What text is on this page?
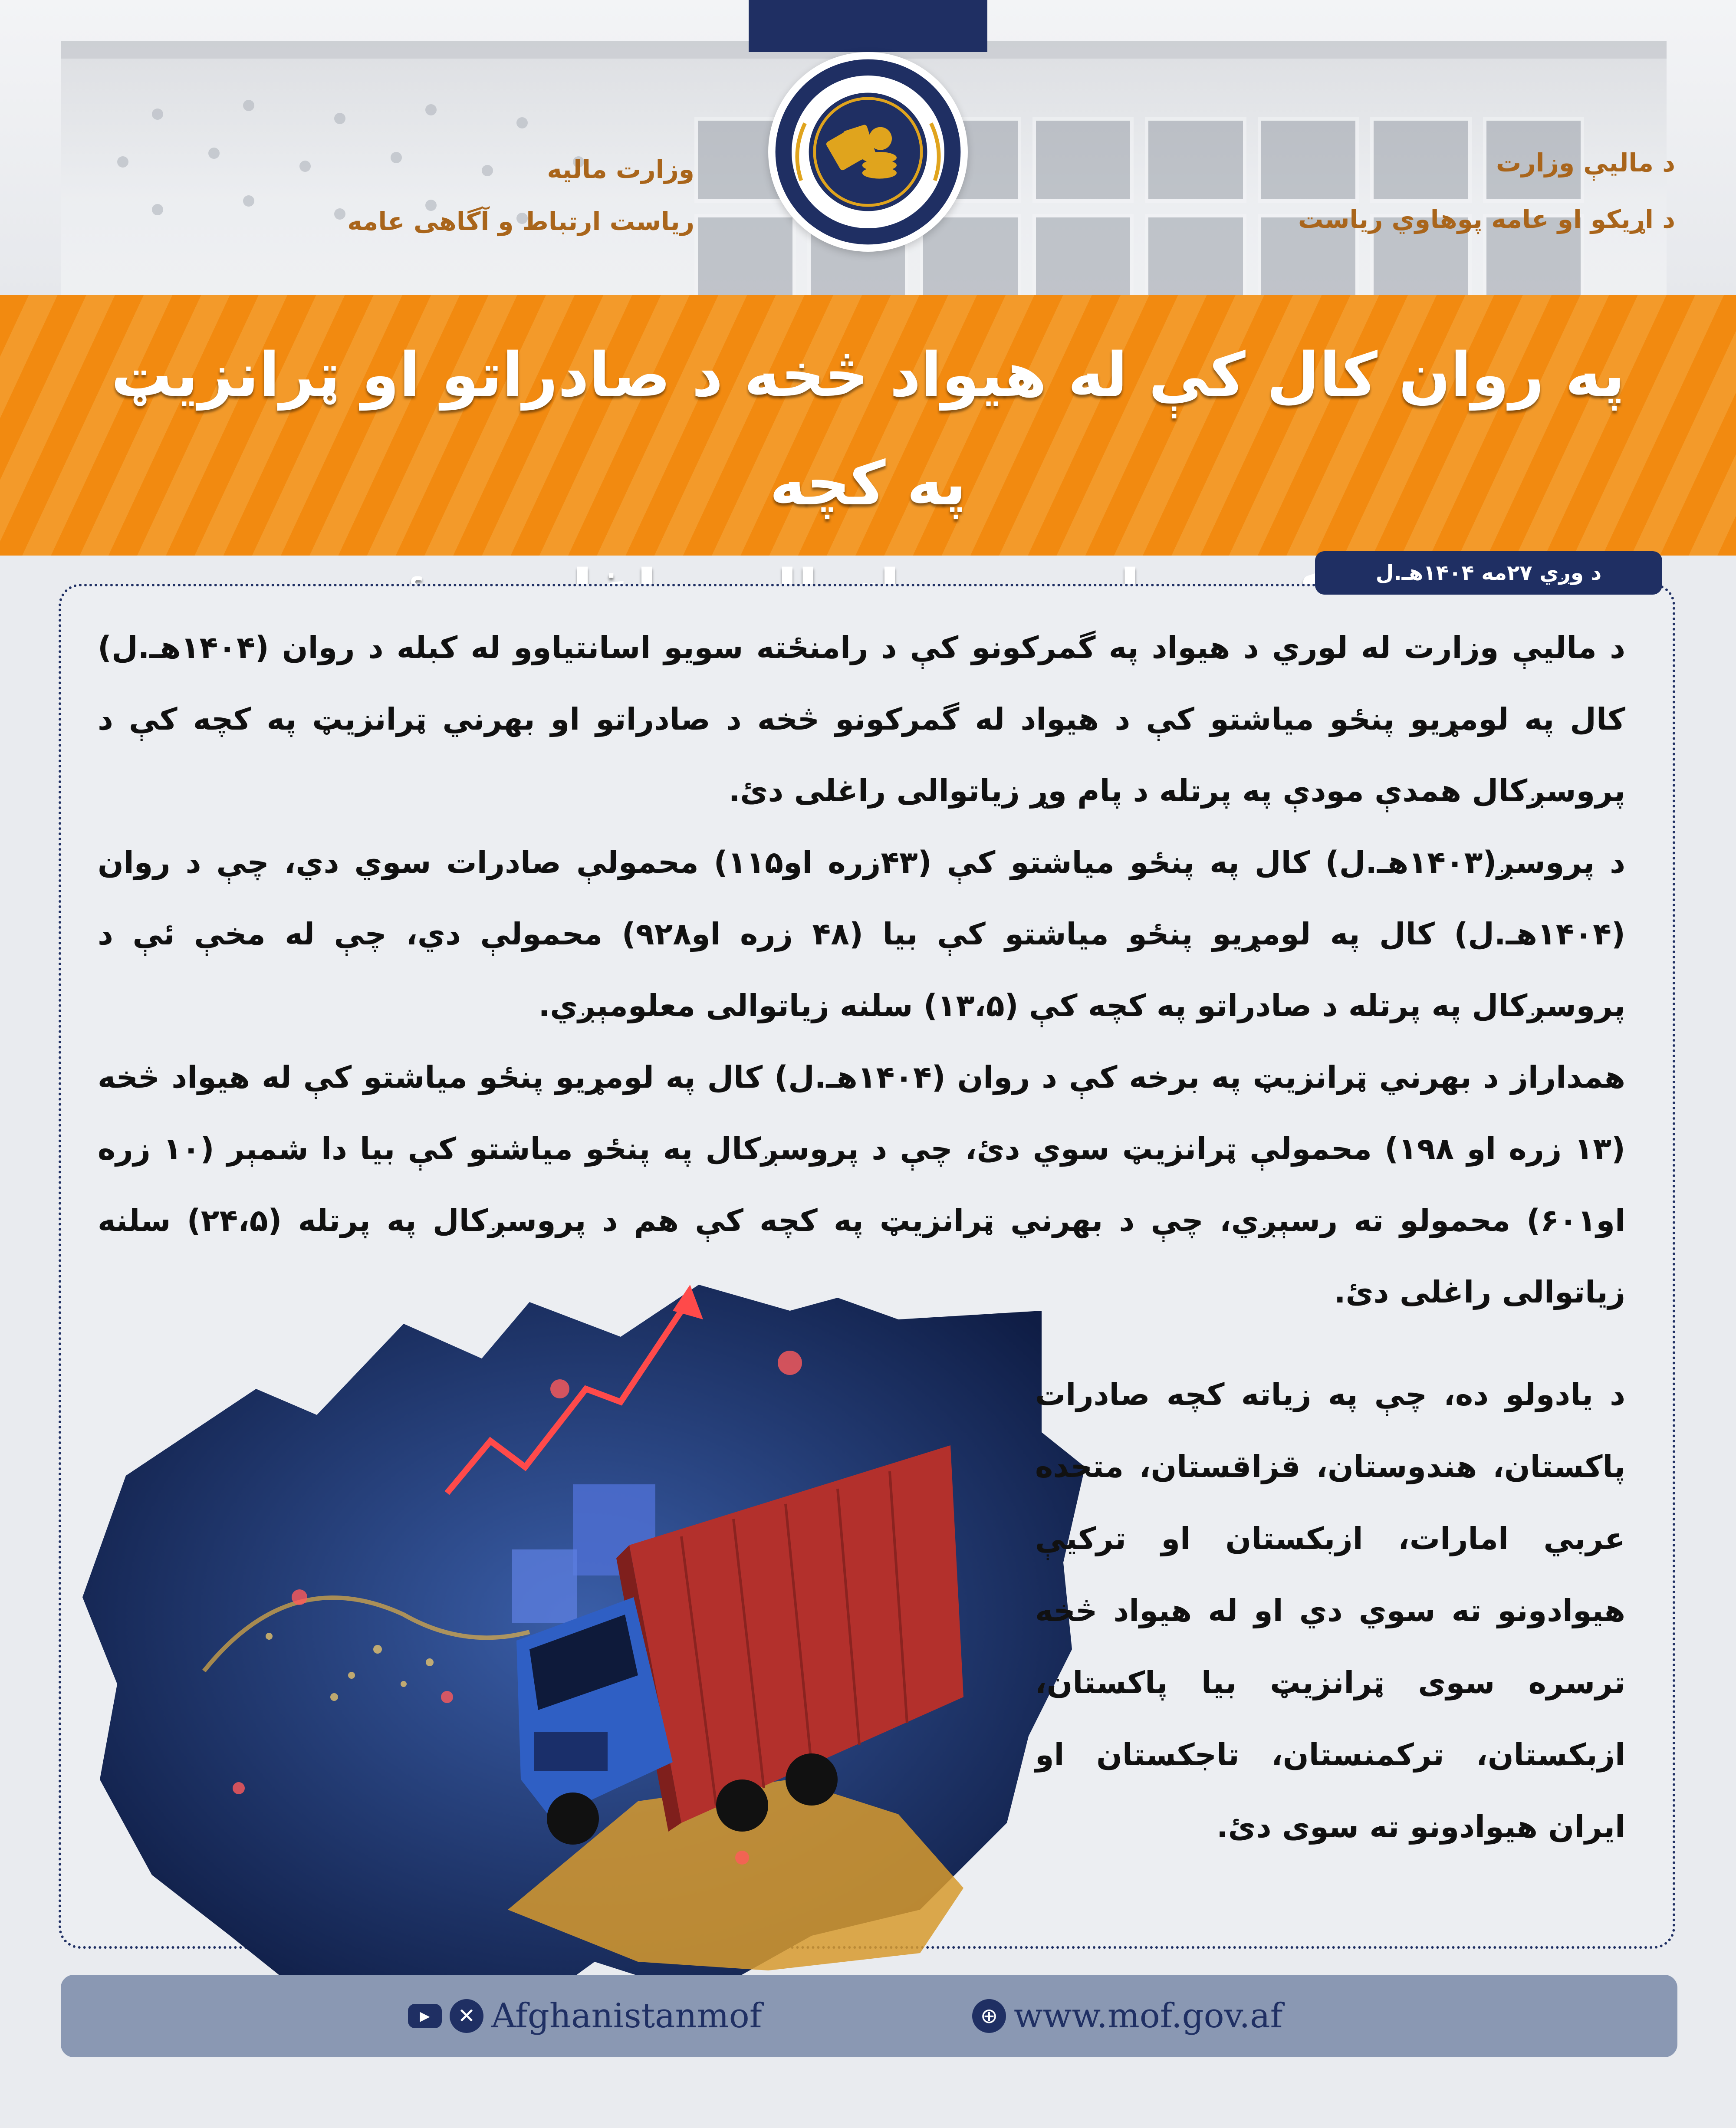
وزارت مالیه
ریاست ارتباط و آگاهی عامه
د مالیې وزارت
د اړیکو او عامه پوهاوي ریاست
په روان کال کې له هیواد څخه د صادراتو او ټرانزیټ په کچه
د وږي ۲۷مه ۱۴۰۴هـ.ل

د مالیې وزارت له لوري د هیواد په گمرکونو کې د رامنځته سویو اسانتیاوو له کبله د روان (۱۴۰۴هـ.ل) کال په لومړیو پنځو میاشتو کې د هیواد له گمرکونو څخه د صادراتو او بهرني ټرانزیټ په کچه کې د پروسږکال همدې مودې په پرتله د پام وړ زیاتوالی راغلی دئ.

د پروسږ(۱۴۰۳هـ.ل) کال په پنځو میاشتو کې (۴۳زره او۱۱۵) محمولې صادرات سوي دي، چې د روان (۱۴۰۴هـ.ل) کال په لومړیو پنځو میاشتو کې بیا (۴۸ زره او۹۲۸) محمولې دي، چې له مخې ئې د پروسږکال په پرتله د صادراتو په کچه کې (۱۳،۵) سلنه زیاتوالی معلومېږي.

همداراز د بهرني ټرانزیټ په برخه کې د روان (۱۴۰۴هـ.ل) کال په لومړیو پنځو میاشتو کې له هیواد څخه (۱۳ زره او ۱۹۸) محمولې ټرانزیټ سوي دئ، چې د پروسږکال په پنځو میاشتو کې بیا دا شمېر (۱۰ زره او۶۰۱) محمولو ته رسېږي، چې د بهرني ټرانزیټ په کچه کې هم د پروسږکال په پرتله (۲۴،۵) سلنه زیاتوالی راغلی دئ.

د یادولو ده، چې په زیاته کچه صادرات پاکستان، هندوستان، قزاقستان، متحده عربي امارات، ازبکستان او ترکیې هیوادونو ته سوي دي او له هیواد څخه ترسره سوی ټرانزیټ بیا پاکستان، ازبکستان، ترکمنستان، تاجکستان او ایران هیوادونو ته سوی دئ.

▶	✕ Afghanistanmof	⊕ www.mof.gov.af
